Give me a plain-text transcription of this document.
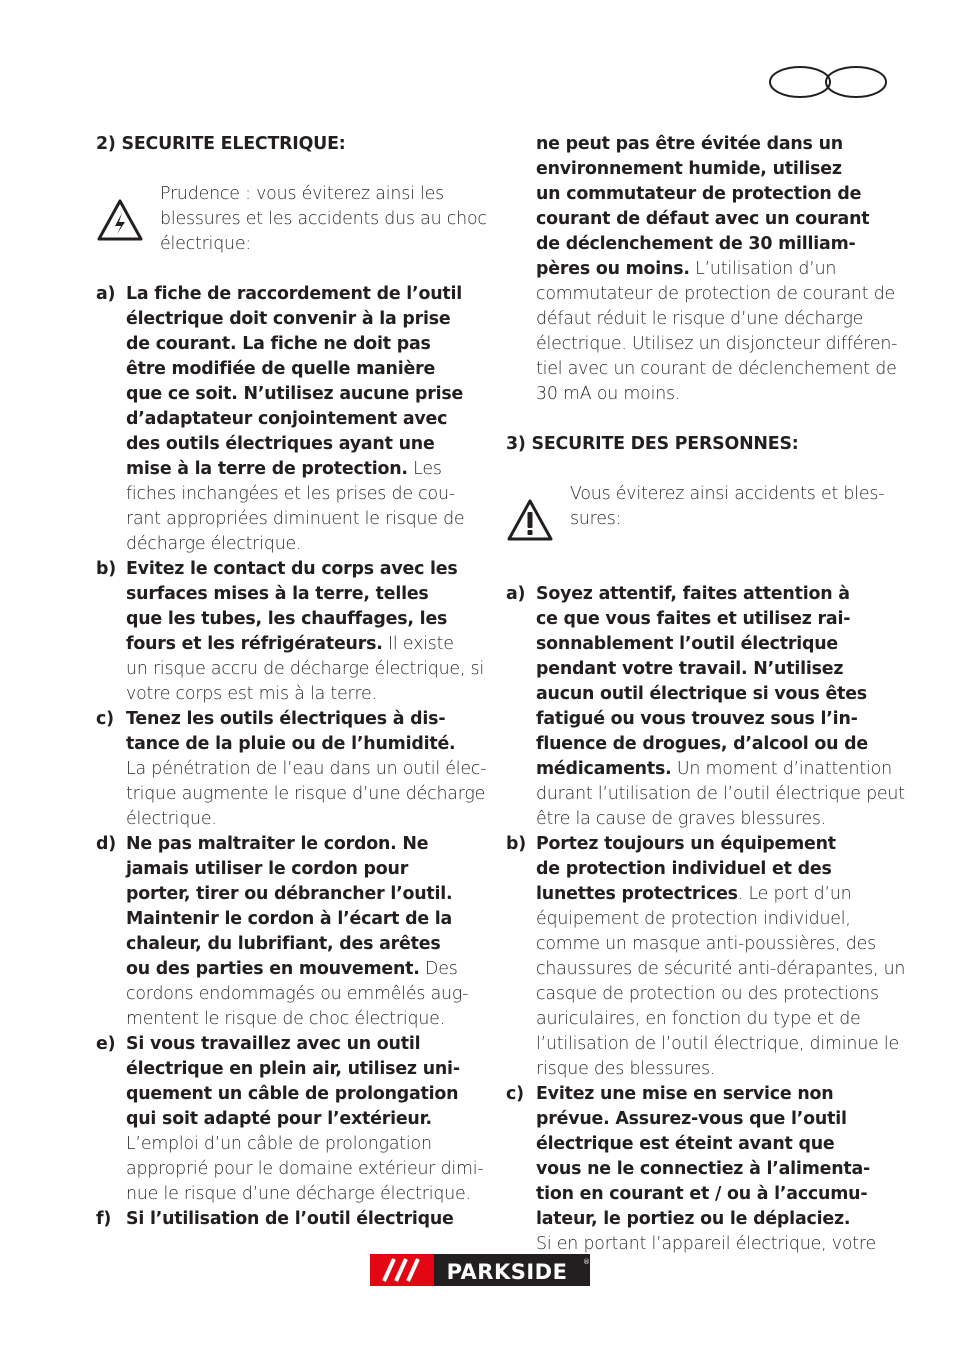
2) SECURITE ELECTRIQUE:
Prudence : vous éviterez ainsi les
blessures et les accidents dus au choc
électrique:
a) La fiche de raccordement de l’outil
électrique doit convenir à la prise
de courant. La fiche ne doit pas
être modifiée de quelle manière
que ce soit. N’utilisez aucune prise
d’adaptateur conjointement avec
des outils électriques ayant une
mise à la terre de protection. Les
fiches inchangées et les prises de cou-
rant appropriées diminuent le risque de
décharge électrique.
b) Evitez le contact du corps avec les
surfaces mises à la terre, telles
que les tubes, les chauffages, les
fours et les réfrigérateurs. Il existe
un risque accru de décharge électrique, si
votre corps est mis à la terre.
c) Tenez les outils électriques à dis-
tance de la pluie ou de l’humidité.
La pénétration de l’eau dans un outil élec-
trique augmente le risque d’une décharge
électrique.
d) Ne pas maltraiter le cordon. Ne
jamais utiliser le cordon pour
porter, tirer ou débrancher l’outil.
Maintenir le cordon à l’écart de la
chaleur, du lubrifiant, des arêtes
ou des parties en mouvement. Des
cordons endommagés ou emmêlés aug-
mentent le risque de choc électrique.
e) Si vous travaillez avec un outil
électrique en plein air, utilisez uni-
quement un câble de prolongation
qui soit adapté pour l’extérieur.
L’emploi d’un câble de prolongation
approprié pour le domaine extérieur dimi-
nue le risque d’une décharge électrique.
f) Si l’utilisation de l’outil électrique
ne peut pas être évitée dans un
environnement humide, utilisez
un commutateur de protection de
courant de défaut avec un courant
de déclenchement de 30 milliam-
pères ou moins. L’utilisation d’un
commutateur de protection de courant de
défaut réduit le risque d’une décharge
électrique. Utilisez un disjoncteur différen-
tiel avec un courant de déclenchement de
30 mA ou moins.
3) SECURITE DES PERSONNES:
Vous éviterez ainsi accidents et bles-
sures:
a) Soyez attentif, faites attention à
ce que vous faites et utilisez rai-
sonnablement l’outil électrique
pendant votre travail. N’utilisez
aucun outil électrique si vous êtes
fatigué ou vous trouvez sous l’in-
fluence de drogues, d’alcool ou de
médicaments. Un moment d’inattention
durant l’utilisation de l’outil électrique peut
être la cause de graves blessures.
b) Portez toujours un équipement
de protection individuel et des
lunettes protectrices. Le port d’un
équipement de protection individuel,
comme un masque anti-poussières, des
chaussures de sécurité anti-dérapantes, un
casque de protection ou des protections
auriculaires, en fonction du type et de
l’utilisation de l’outil électrique, diminue le
risque des blessures.
c) Evitez une mise en service non
prévue. Assurez-vous que l’outil
électrique est éteint avant que
vous ne le connectiez à l’alimenta-
tion en courant et / ou à l’accumu-
lateur, le portiez ou le déplaciez.
Si en portant l’appareil électrique, votre
PARKSIDE ®
